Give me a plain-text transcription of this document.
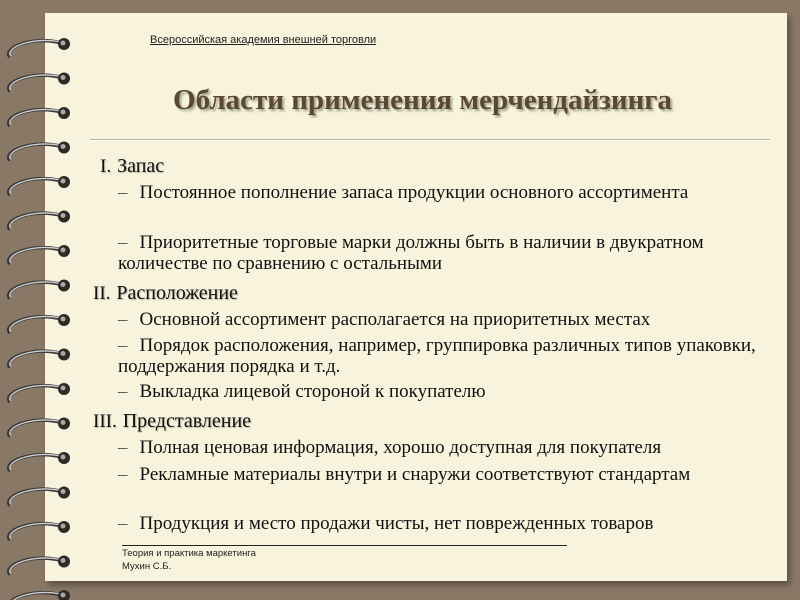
Всероссийская академия внешней торговли
Области применения мерчендайзинга
I. Запас
– Постоянное пополнение запаса продукции основного ассортимента
– Приоритетные торговые марки должны быть в наличии в двукратном количестве по сравнению с остальными
II. Расположение
– Основной ассортимент располагается на приоритетных местах
– Порядок расположения, например, группировка различных типов упаковки, поддержания порядка и т.д.
– Выкладка лицевой стороной к покупателю
III. Представление
– Полная ценовая информация, хорошо доступная для покупателя
– Рекламные материалы внутри и снаружи соответствуют стандартам
– Продукция и место продажи чисты, нет поврежденных товаров
Теория и практика маркетинга
Мухин С.Б.
